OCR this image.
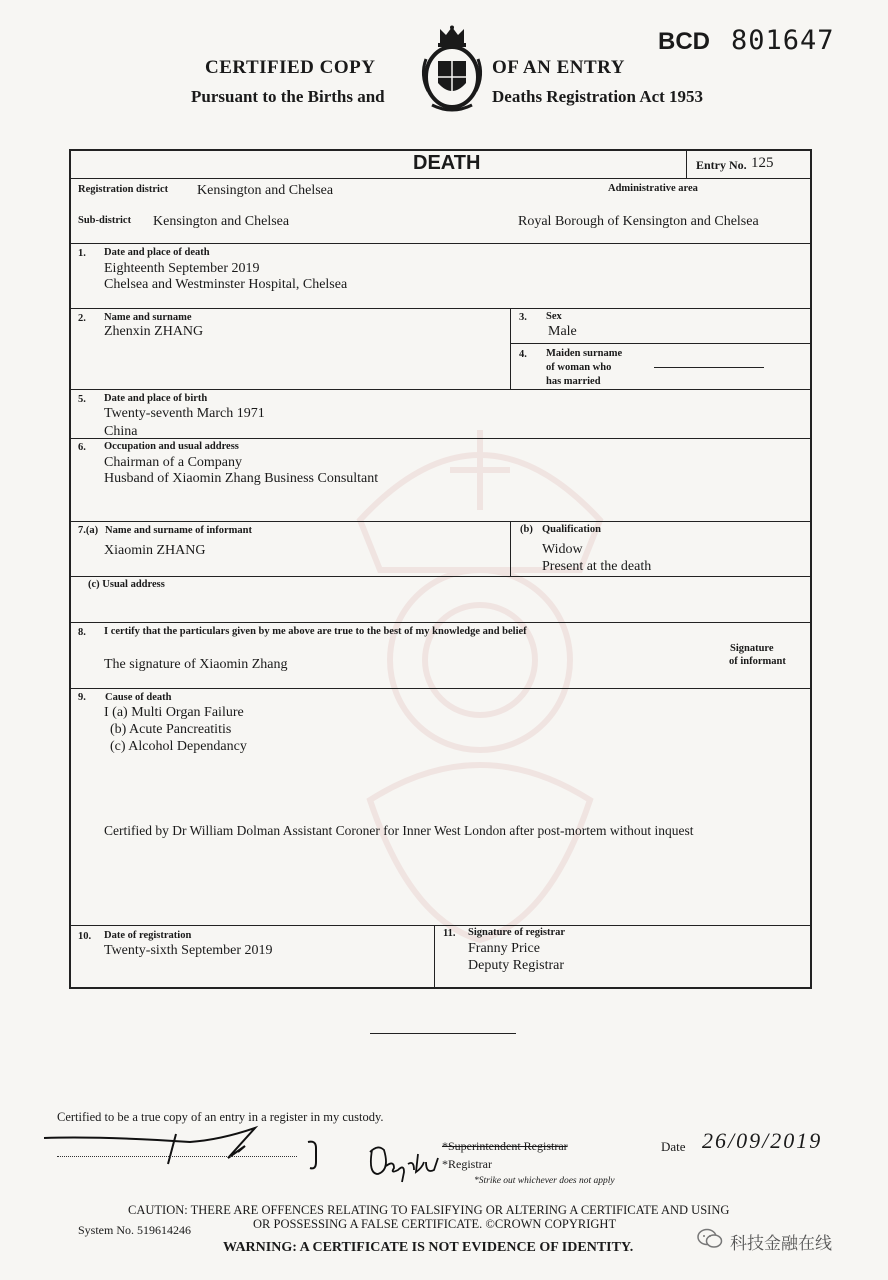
BCD 801647
CERTIFIED COPY	OF AN ENTRY
Pursuant to the Births and	Deaths Registration Act 1953
DEATH	Entry No. 125
Registration district Kensington and Chelsea	Administrative area
Sub-district Kensington and Chelsea	Royal Borough of Kensington and Chelsea
1. Date and place of death
Eighteenth September 2019
Chelsea and Westminster Hospital, Chelsea
2. Name and surname
Zhenxin ZHANG
3. Sex
Male
4. Maiden surname
of woman who
has married
5. Date and place of birth
Twenty-seventh March 1971
China
6. Occupation and usual address
Chairman of a Company
Husband of Xiaomin Zhang Business Consultant
7.(a) Name and surname of informant
Xiaomin ZHANG
(b) Qualification
Widow
Present at the death
(c) Usual address
8. I certify that the particulars given by me above are true to the best of my knowledge and belief
The signature of Xiaomin Zhang
Signature
of informant
9. Cause of death
I (a) Multi Organ Failure
(b) Acute Pancreatitis
(c) Alcohol Dependancy
Certified by Dr William Dolman Assistant Coroner for Inner West London after post-mortem without inquest
10. Date of registration
Twenty-sixth September 2019
11. Signature of registrar
Franny Price
Deputy Registrar
Certified to be a true copy of an entry in a register in my custody.
*Superintendent Registrar
*Registrar
*Strike out whichever does not apply
Date 26/09/2019
CAUTION: THERE ARE OFFENCES RELATING TO FALSIFYING OR ALTERING A CERTIFICATE AND USING
OR POSSESSING A FALSE CERTIFICATE. ©CROWN COPYRIGHT
System No. 519614246
WARNING: A CERTIFICATE IS NOT EVIDENCE OF IDENTITY.	科技金融在线
